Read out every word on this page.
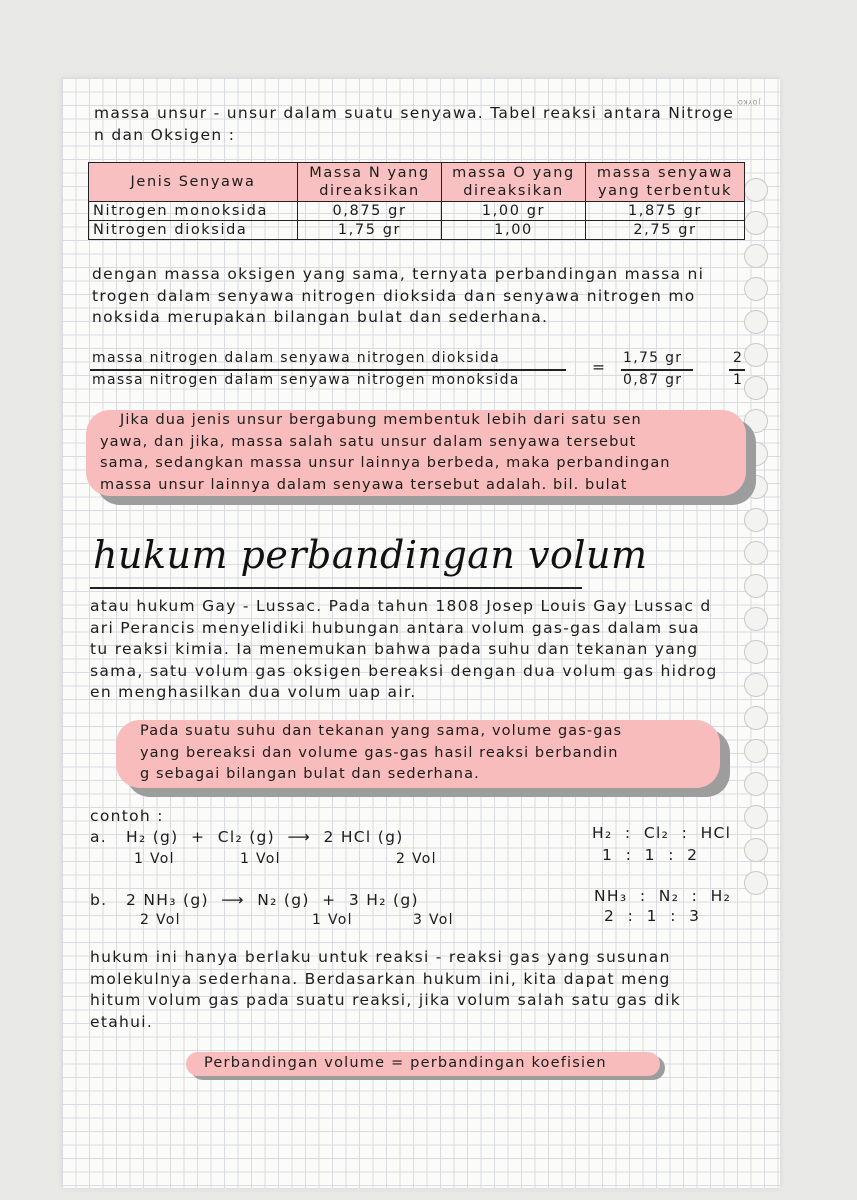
JOYKO
massa unsur - unsur dalam suatu senyawa. Tabel reaksi antara Nitroge
n dan Oksigen :
Jenis Senyawa	Massa N yang direaksikan	massa O yang direaksikan	massa senyawa yang terbentuk
Nitrogen monoksida	0,875 gr	1,00 gr	1,875 gr
Nitrogen dioksida	1,75 gr	1,00	2,75 gr
dengan massa oksigen yang sama, ternyata perbandingan massa ni
trogen dalam senyawa nitrogen dioksida dan senyawa nitrogen mo
noksida merupakan bilangan bulat dan sederhana.
massa nitrogen dalam senyawa nitrogen dioksida
massa nitrogen dalam senyawa nitrogen monoksida
= 1,75 gr
0,87 gr
2
1
Jika dua jenis unsur bergabung membentuk lebih dari satu sen
yawa, dan jika, massa salah satu unsur dalam senyawa tersebut
sama, sedangkan massa unsur lainnya berbeda, maka perbandingan
massa unsur lainnya dalam senyawa tersebut adalah. bil. bulat
hukum perbandingan volum
atau hukum Gay - Lussac. Pada tahun 1808 Josep Louis Gay Lussac d
ari Perancis menyelidiki hubungan antara volum gas-gas dalam sua
tu reaksi kimia. Ia menemukan bahwa pada suhu dan tekanan yang
sama, satu volum gas oksigen bereaksi dengan dua volum gas hidrog
en menghasilkan dua volum uap air.
Pada suatu suhu dan tekanan yang sama, volume gas-gas
yang bereaksi dan volume gas-gas hasil reaksi berbandin
g sebagai bilangan bulat dan sederhana.
contoh :
a. H₂ (g)  +  Cl₂ (g)  ⟶  2 HCl (g)
1 Vol	1 Vol	2 Vol
H₂  :  Cl₂  :  HCl
1  :  1  :  2
b. 2 NH₃ (g)  ⟶  N₂ (g)  +  3 H₂ (g)
2 Vol	1 Vol	3 Vol
NH₃  :  N₂  :  H₂
2  :  1  :  3
hukum ini hanya berlaku untuk reaksi - reaksi gas yang susunan
molekulnya sederhana. Berdasarkan hukum ini, kita dapat meng
hitum volum gas pada suatu reaksi, jika volum salah satu gas dik
etahui.
Perbandingan volume = perbandingan koefisien
